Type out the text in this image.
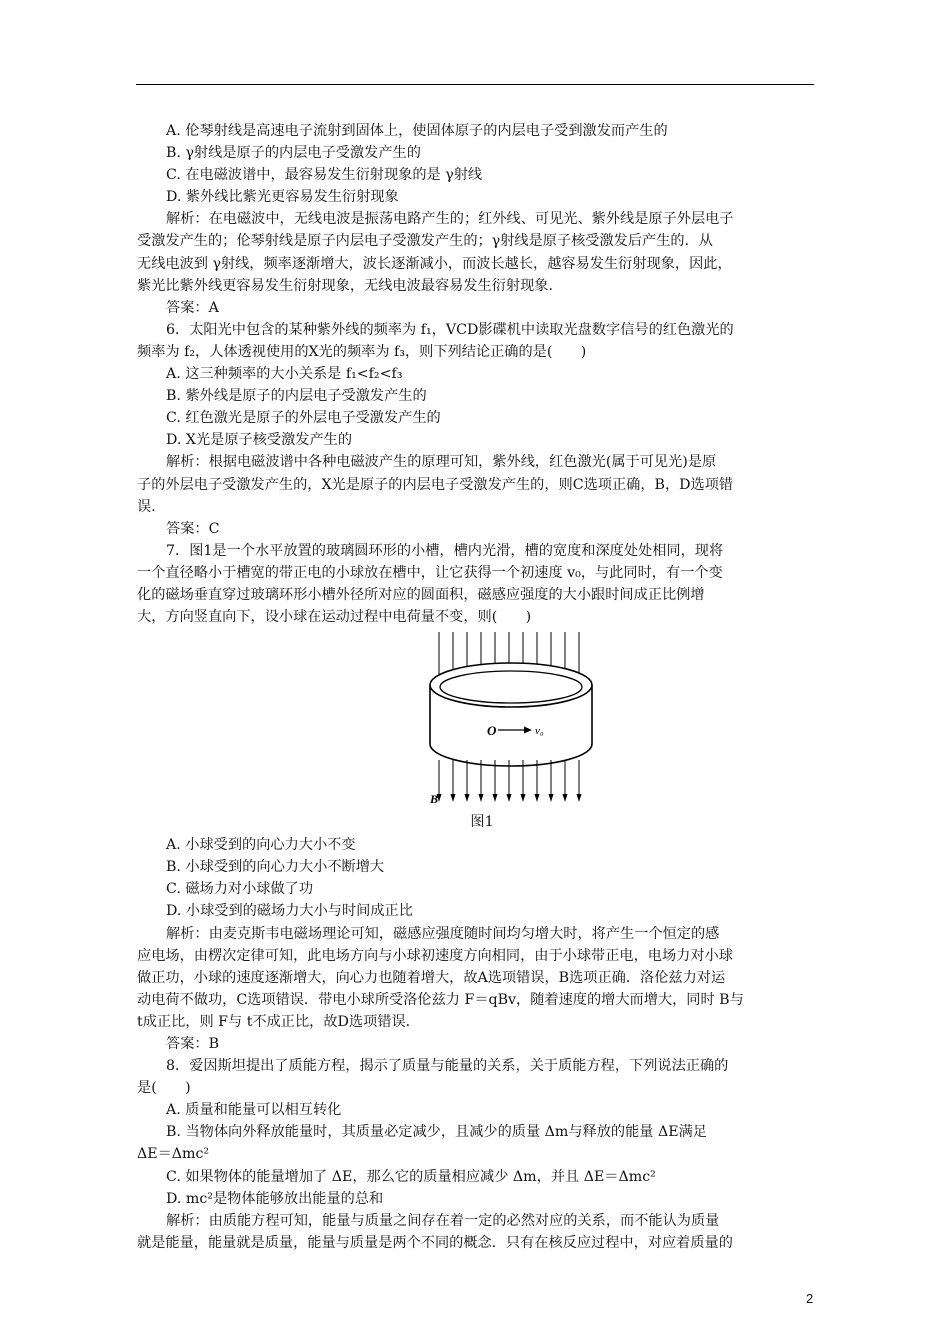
A. 伦琴射线是高速电子流射到固体上，使固体原子的内层电子受到激发而产生的
B. γ射线是原子的内层电子受激发产生的
C. 在电磁波谱中，最容易发生衍射现象的是 γ射线
D. 紫外线比紫光更容易发生衍射现象
解析：在电磁波中，无线电波是振荡电路产生的；红外线、可见光、紫外线是原子外层电子
受激发产生的；伦琴射线是原子内层电子受激发产生的；γ射线是原子核受激发后产生的．从
无线电波到 γ射线，频率逐渐增大，波长逐渐减小，而波长越长，越容易发生衍射现象，因此，
紫光比紫外线更容易发生衍射现象，无线电波最容易发生衍射现象．
答案：A
6．太阳光中包含的某种紫外线的频率为 f₁，VCD影碟机中读取光盘数字信号的红色激光的
频率为 f₂，人体透视使用的X光的频率为 f₃，则下列结论正确的是(　　)
A. 这三种频率的大小关系是 f₁<f₂<f₃
B. 紫外线是原子的内层电子受激发产生的
C. 红色激光是原子的外层电子受激发产生的
D. X光是原子核受激发产生的
解析：根据电磁波谱中各种电磁波产生的原理可知，紫外线，红色激光(属于可见光)是原
子的外层电子受激发产生的，X光是原子的内层电子受激发产生的，则C选项正确，B，D选项错
误．
答案：C
7．图1是一个水平放置的玻璃圆环形的小槽，槽内光滑，槽的宽度和深度处处相同，现将
一个直径略小于槽宽的带正电的小球放在槽中，让它获得一个初速度 v₀，与此同时，有一个变
化的磁场垂直穿过玻璃环形小槽外径所对应的圆面积，磁感应强度的大小跟时间成正比例增
大，方向竖直向下，设小球在运动过程中电荷量不变，则(　　)
O	v₀
B
图1
A. 小球受到的向心力大小不变
B. 小球受到的向心力大小不断增大
C. 磁场力对小球做了功
D. 小球受到的磁场力大小与时间成正比
解析：由麦克斯韦电磁场理论可知，磁感应强度随时间均匀增大时，将产生一个恒定的感
应电场，由楞次定律可知，此电场方向与小球初速度方向相同，由于小球带正电，电场力对小球
做正功，小球的速度逐渐增大，向心力也随着增大，故A选项错误，B选项正确．洛伦兹力对运
动电荷不做功，C选项错误．带电小球所受洛伦兹力 F＝qBv，随着速度的增大而增大，同时 B与
t成正比，则 F与 t不成正比，故D选项错误．
答案：B
8．爱因斯坦提出了质能方程，揭示了质量与能量的关系，关于质能方程，下列说法正确的
是(　　)
A. 质量和能量可以相互转化
B. 当物体向外释放能量时，其质量必定减少，且减少的质量 Δm与释放的能量 ΔE满足
ΔE＝Δmc²
C. 如果物体的能量增加了 ΔE，那么它的质量相应减少 Δm，并且 ΔE＝Δmc²
D. mc²是物体能够放出能量的总和
解析：由质能方程可知，能量与质量之间存在着一定的必然对应的关系，而不能认为质量
就是能量，能量就是质量，能量与质量是两个不同的概念．只有在核反应过程中，对应着质量的
2
